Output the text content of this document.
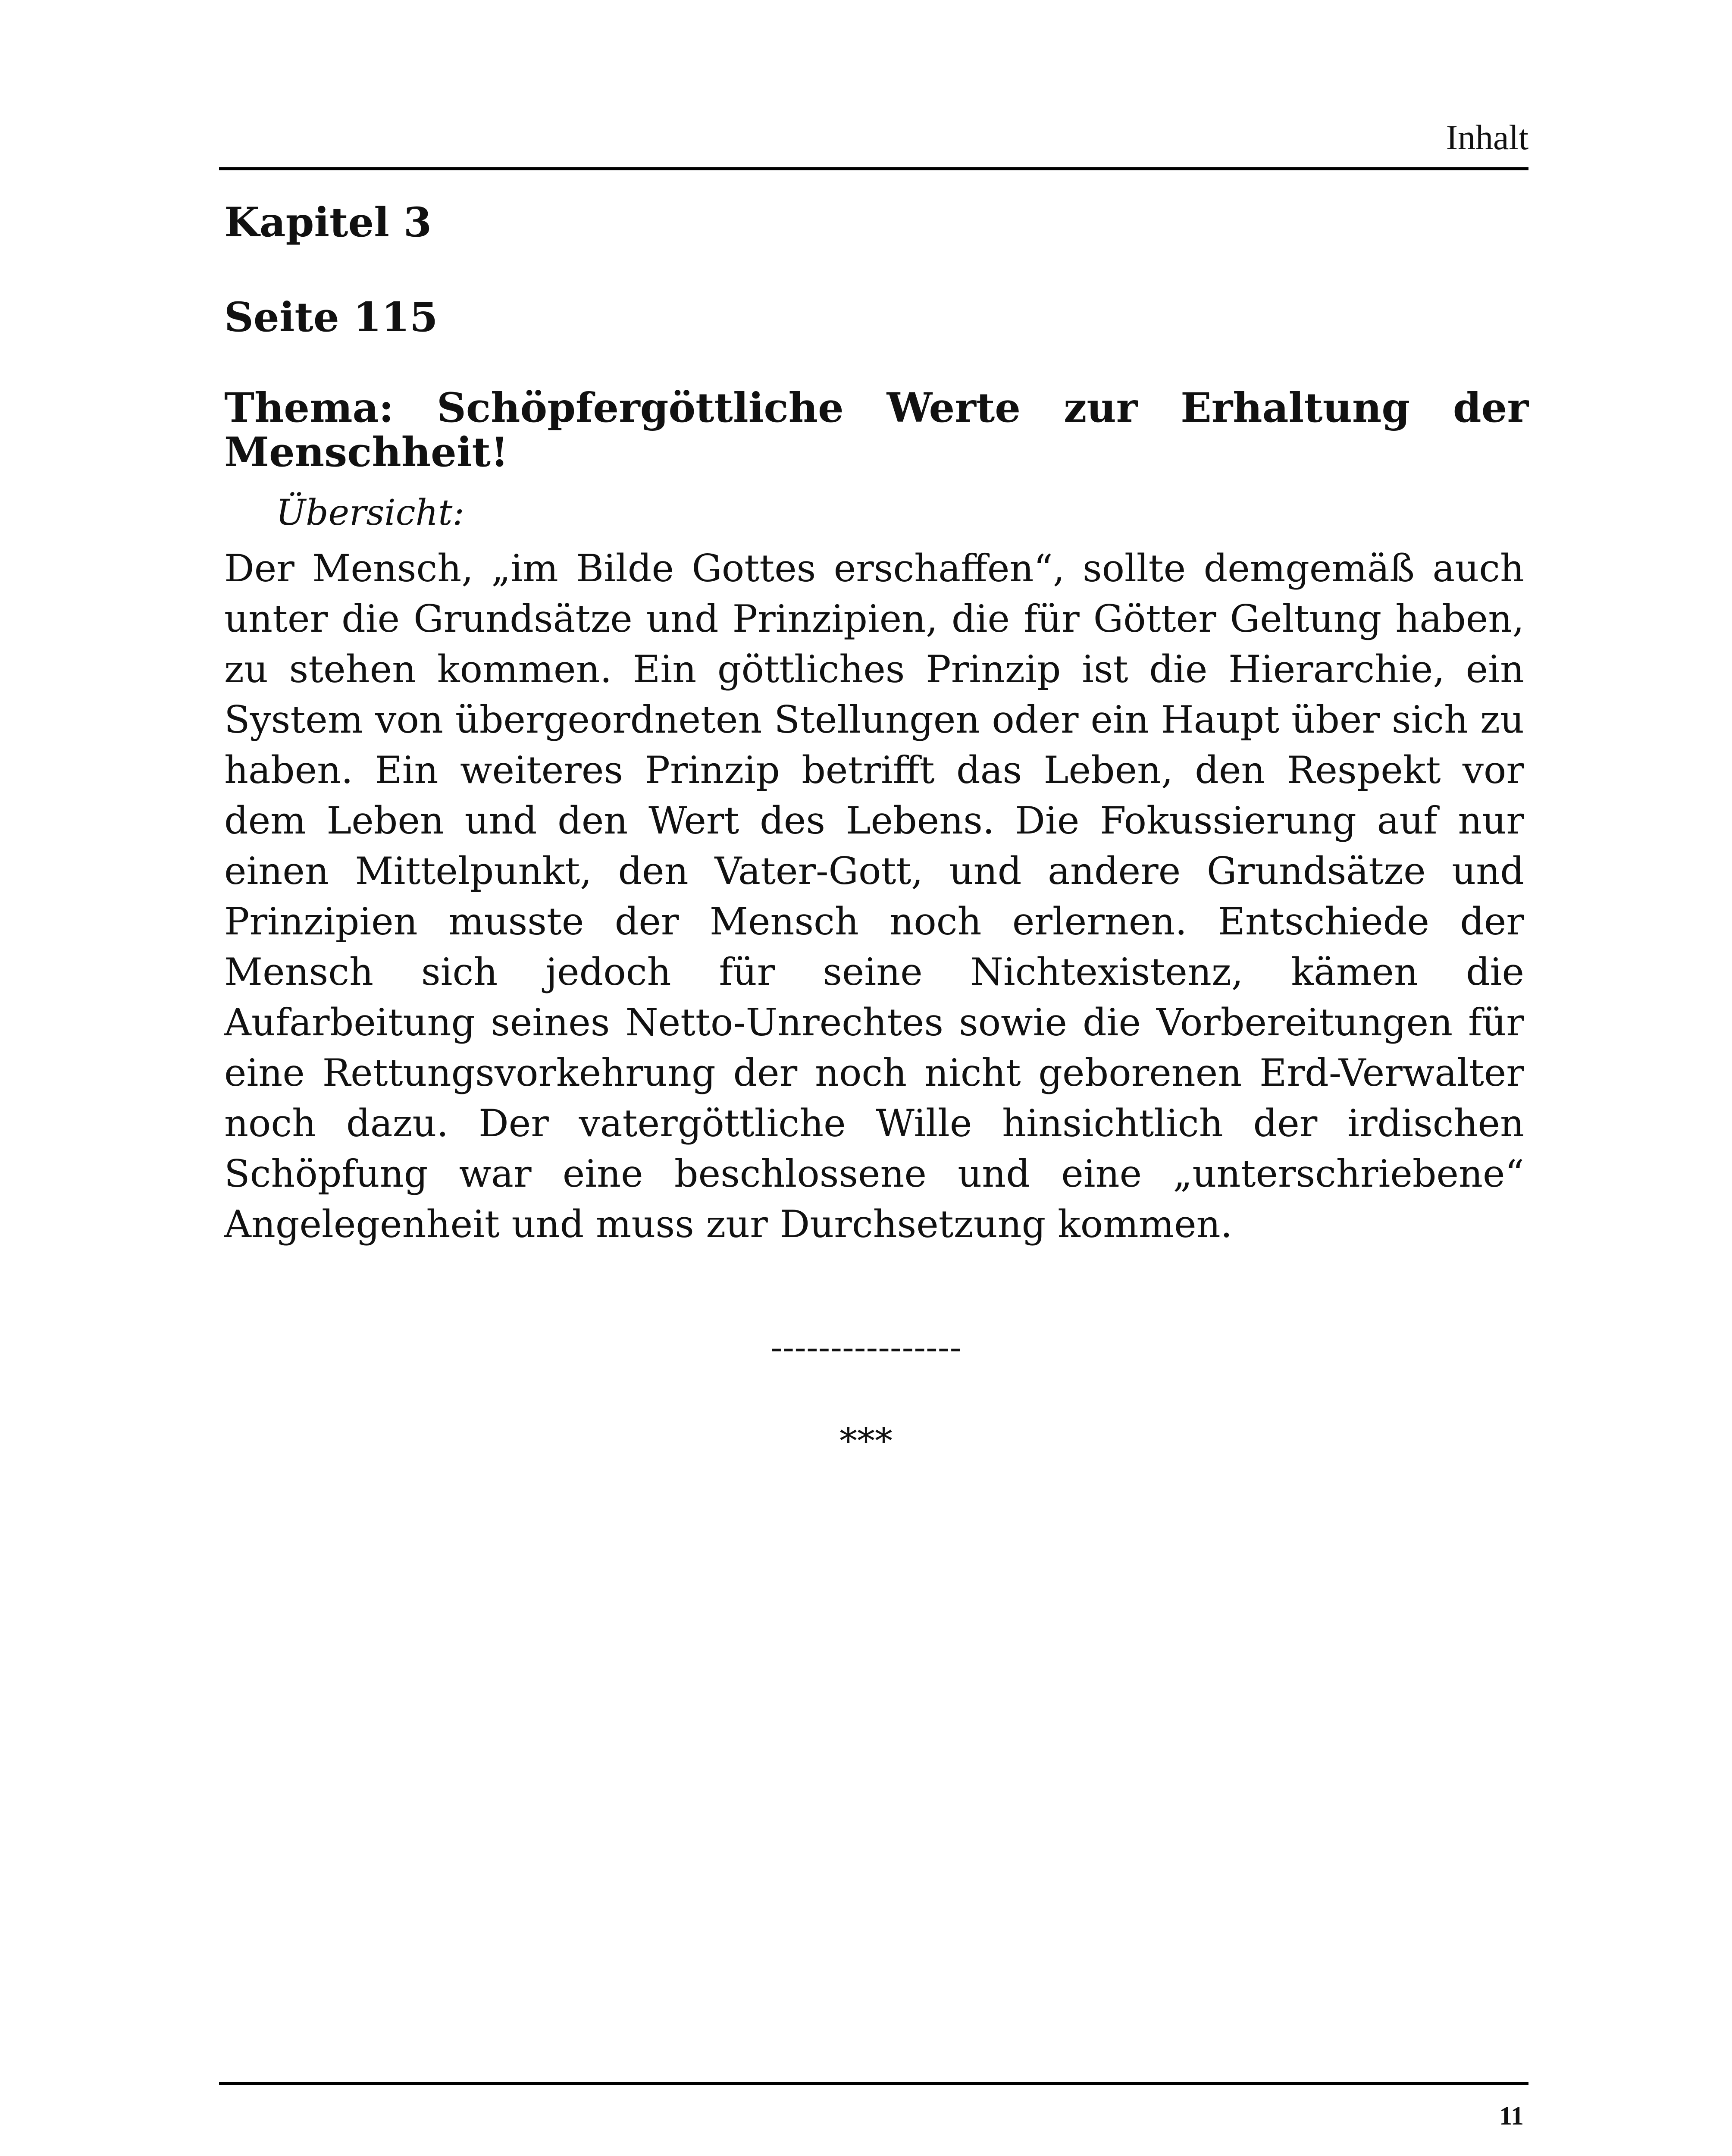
Inhalt
Kapitel 3
Seite 115
Thema: Schöpfergöttliche Werte zur Erhaltung der Menschheit!

Übersicht:

Der Mensch, „im Bilde Gottes erschaffen“, sollte demgemäß auch unter die Grundsätze und Prinzipien, die für Götter Geltung haben, zu stehen kommen. Ein göttliches Prinzip ist die Hierarchie, ein System von übergeordneten Stellungen oder ein Haupt über sich zu haben. Ein weiteres Prinzip betrifft das Leben, den Respekt vor dem Leben und den Wert des Lebens. Die Fokussierung auf nur einen Mittelpunkt, den Vater-Gott, und andere Grundsätze und Prinzipien musste der Mensch noch erlernen. Entschiede der Mensch sich jedoch für seine Nichtexistenz, kämen die Aufarbeitung seines Netto-Unrechtes sowie die Vorbereitungen für eine Rettungsvorkehrung der noch nicht geborenen Erd-Verwalter noch dazu. Der vatergöttliche Wille hinsichtlich der irdischen Schöpfung war eine beschlossene und eine „unterschriebene“ Angelegenheit und muss zur Durchsetzung kommen.

----------------
***
11
